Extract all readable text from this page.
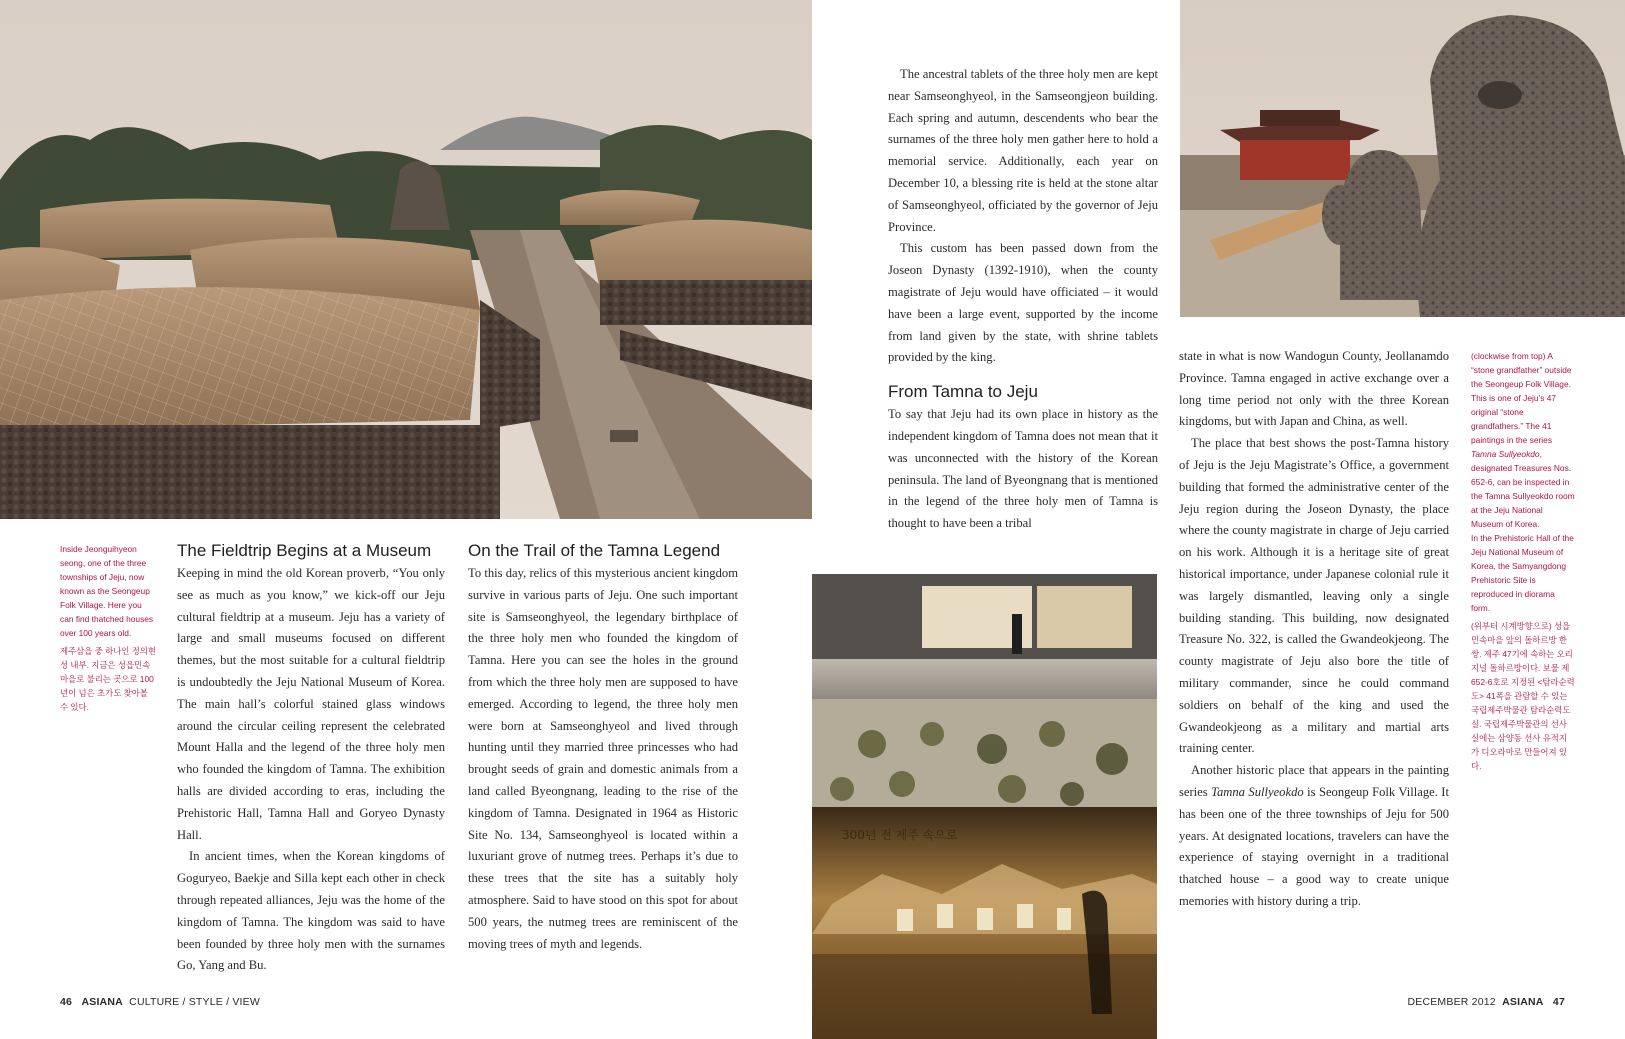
300년 전 제주 속으로

Inside Jeonguihyeon seong, one of the three townships of Jeju, now known as the Seongeup Folk Village. Here you can find thatched houses over 100 years old.

제주삼읍 중 하나인 정의현성 내부. 지금은 성읍민속마을로 불리는 곳으로 100년이 넘은 초가도 찾아볼 수 있다.

The Fieldtrip Begins at a Museum

Keeping in mind the old Korean proverb, “You only see as much as you know,” we kick-off our Jeju cultural fieldtrip at a museum. Jeju has a variety of large and small museums focused on different themes, but the most suitable for a cultural fieldtrip is undoubtedly the Jeju National Museum of Korea. The main hall’s colorful stained glass windows around the circular ceiling represent the celebrated Mount Halla and the legend of the three holy men who founded the kingdom of Tamna. The exhibition halls are divided according to eras, including the Prehistoric Hall, Tamna Hall and Goryeo Dynasty Hall.

In ancient times, when the Korean kingdoms of Goguryeo, Baekje and Silla kept each other in check through repeated alliances, Jeju was the home of the kingdom of Tamna. The kingdom was said to have been founded by three holy men with the surnames Go, Yang and Bu.

On the Trail of the Tamna Legend

To this day, relics of this mysterious ancient kingdom survive in various parts of Jeju. One such important site is Samseonghyeol, the legendary birthplace of the three holy men who founded the kingdom of Tamna. Here you can see the holes in the ground from which the three holy men are supposed to have emerged. According to legend, the three holy men were born at Samseonghyeol and lived through hunting until they married three princesses who had brought seeds of grain and domestic animals from a land called Byeongnang, leading to the rise of the kingdom of Tamna. Designated in 1964 as Historic Site No. 134, Samseonghyeol is located within a luxuriant grove of nutmeg trees. Perhaps it’s due to these trees that the site has a suitably holy atmosphere. Said to have stood on this spot for about 500 years, the nutmeg trees are reminiscent of the moving trees of myth and legends.

The ancestral tablets of the three holy men are kept near Samseonghyeol, in the Samseongjeon building. Each spring and autumn, descendents who bear the surnames of the three holy men gather here to hold a memorial service. Additionally, each year on December 10, a blessing rite is held at the stone altar of Samseonghyeol, officiated by the governor of Jeju Province.

This custom has been passed down from the Joseon Dynasty (1392-1910), when the county magistrate of Jeju would have officiated – it would have been a large event, supported by the income from land given by the state, with shrine tablets provided by the king.

From Tamna to Jeju

To say that Jeju had its own place in history as the independent kingdom of Tamna does not mean that it was unconnected with the history of the Korean peninsula. The land of Byeongnang that is mentioned in the legend of the three holy men of Tamna is thought to have been a tribal

state in what is now Wandogun County, Jeollanamdo Province. Tamna engaged in active exchange over a long time period not only with the three Korean kingdoms, but with Japan and China, as well.

The place that best shows the post-Tamna history of Jeju is the Jeju Magistrate’s Office, a government building that formed the administrative center of the Jeju region during the Joseon Dynasty, the place where the county magistrate in charge of Jeju carried on his work. Although it is a heritage site of great historical importance, under Japanese colonial rule it was largely dismantled, leaving only a single building standing. This building, now designated Treasure No. 322, is called the Gwandeokjeong. The county magistrate of Jeju also bore the title of military commander, since he could command soldiers on behalf of the king and used the Gwandeokjeong as a military and martial arts training center.

Another historic place that appears in the painting series Tamna Sullyeokdo is Seongeup Folk Village. It has been one of the three townships of Jeju for 500 years. At designated locations, travelers can have the experience of staying overnight in a traditional thatched house – a good way to create unique memories with history during a trip.

(clockwise from top) A “stone grandfather” outside the Seongeup Folk Village. This is one of Jeju’s 47 original “stone grandfathers.” The 41 paintings in the series Tamna Sullyeokdo, designated Treasures Nos. 652-6, can be inspected in the Tamna Sullyeokdo room at the Jeju National Museum of Korea.

In the Prehistoric Hall of the Jeju National Museum of Korea, the Samyangdong Prehistoric Site is reproduced in diorama form.

(위부터 시계방향으로) 성읍민속마을 앞의 돌하르방 한 쌍. 제주 47기에 속하는 오리지널 돌하르방이다. 보물 제652-6호로 지정된 <탐라순력도> 41폭을 관람할 수 있는 국립제주박물관 탐라순력도실. 국립제주박물관의 선사실에는 삼양동 선사 유적지가 디오라마로 만들어져 있다.

46 ASIANA CULTURE / STYLE / VIEW	DECEMBER 2012 ASIANA 47
